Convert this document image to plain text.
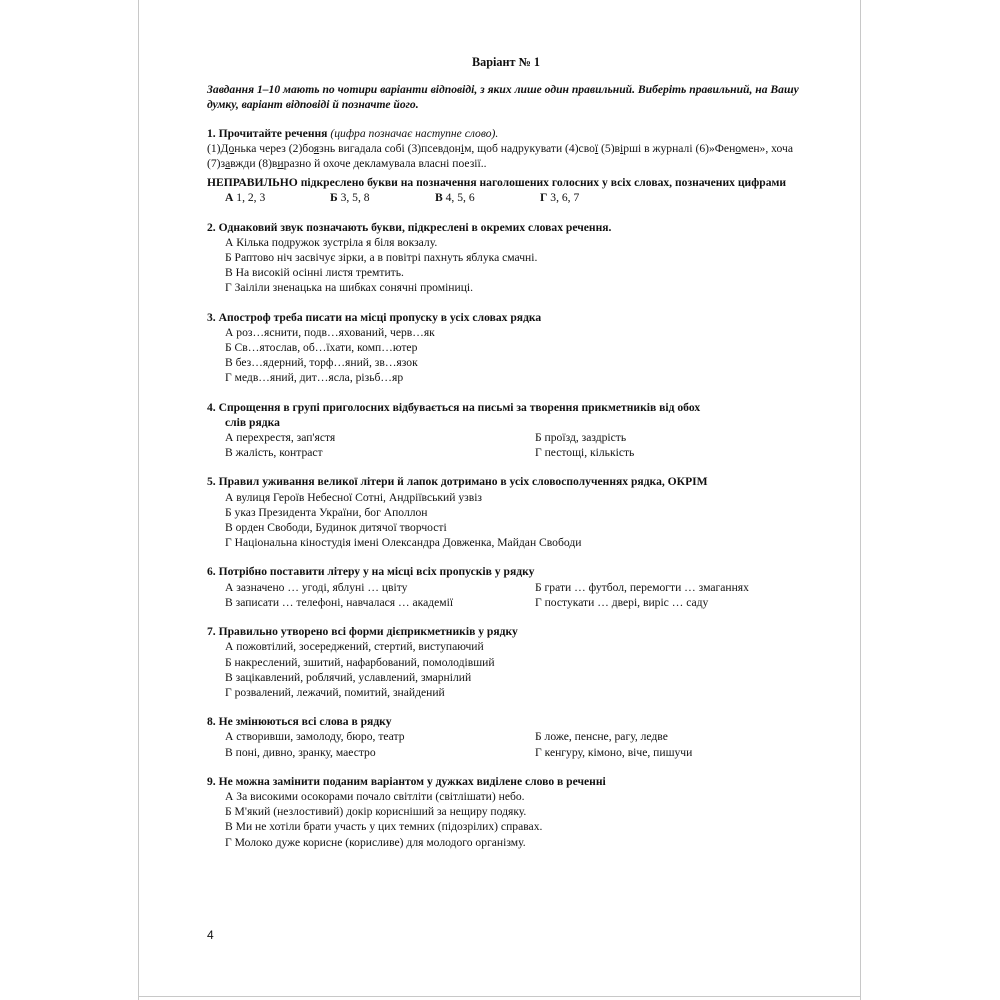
Варіант № 1
Завдання 1–10 мають по чотири варіанти відповіді, з яких лише один правильний. Виберіть правильний, на Вашу думку, варіант відповіді й позначте його.
1. Прочитайте речення (цифра позначає наступне слово).
(1)Донька через (2)боязнь вигадала собі (3)псевдонім, щоб надрукувати (4)свої (5)вірші в журналі (6)»Феномен», хоча (7)завжди (8)виразно й охоче декламувала власні поезії..
НЕПРАВИЛЬНО підкреслено букви на позначення наголошених голосних у всіх словах, позначених цифрами
А 1, 2, 3	Б 3, 5, 8	В 4, 5, 6	Г 3, 6, 7
2. Однаковий звук позначають букви, підкреслені в окремих словах речення.
А Кілька подружок зустріла я біля вокзалу.
Б Раптово ніч засвічує зірки, а в повітрі пахнуть яблука смачні.
В На високій осінні листя тремтить.
Г Заіліли зненацька на шибках сонячні проміниці.
3. Апостроф треба писати на місці пропуску в усіх словах рядка
А роз…яснити, подв…яхований, черв…як
Б Св…ятослав, об…їхати, комп…ютер
В без…ядерний, торф…яний, зв…язок
Г медв…яний, дит…ясла, різьб…яр
4. Спрощення в групі приголосних відбувається на письмі за творення прикметників від обох
слів рядка
А перехрестя, зап'ястя	Б проїзд, заздрість
В жалість, контраст	Г пестощі, кількість
5. Правил уживання великої літери й лапок дотримано в усіх словосполученнях рядка, ОКРІМ
А вулиця Героїв Небесної Сотні, Андріївський узвіз
Б указ Президента України, бог Аполлон
В орден Свободи, Будинок дитячої творчості
Г Національна кіностудія імені Олександра Довженка, Майдан Свободи
6. Потрібно поставити літеру у на місці всіх пропусків у рядку
А зазначено … угоді, яблуні … цвіту	Б грати … футбол, перемогти … змаганнях
В записати … телефоні, навчалася … академії	Г постукати … двері, виріс … саду
7. Правильно утворено всі форми дієприкметників у рядку
А пожовтілий, зосереджений, стертий, виступаючий
Б накреслений, зшитий, нафарбований, помолодівший
В зацікавлений, роблячий, уславлений, змарнілий
Г розвалений, лежачий, помитий, знайдений
8. Не змінюються всі слова в рядку
А створивши, замолоду, бюро, театр	Б ложе, пенсне, рагу, ледве
В поні, дивно, зранку, маестро	Г кенгуру, кімоно, віче, пишучи
9. Не можна замінити поданим варіантом у дужках виділене слово в реченні
А За високими осокорами почало світліти (світлішати) небо.
Б М'який (незлостивий) докір корисніший за нещиру подяку.
В Ми не хотіли брати участь у цих темних (підозрілих) справах.
Г Молоко дуже корисне (корисливе) для молодого організму.
4
